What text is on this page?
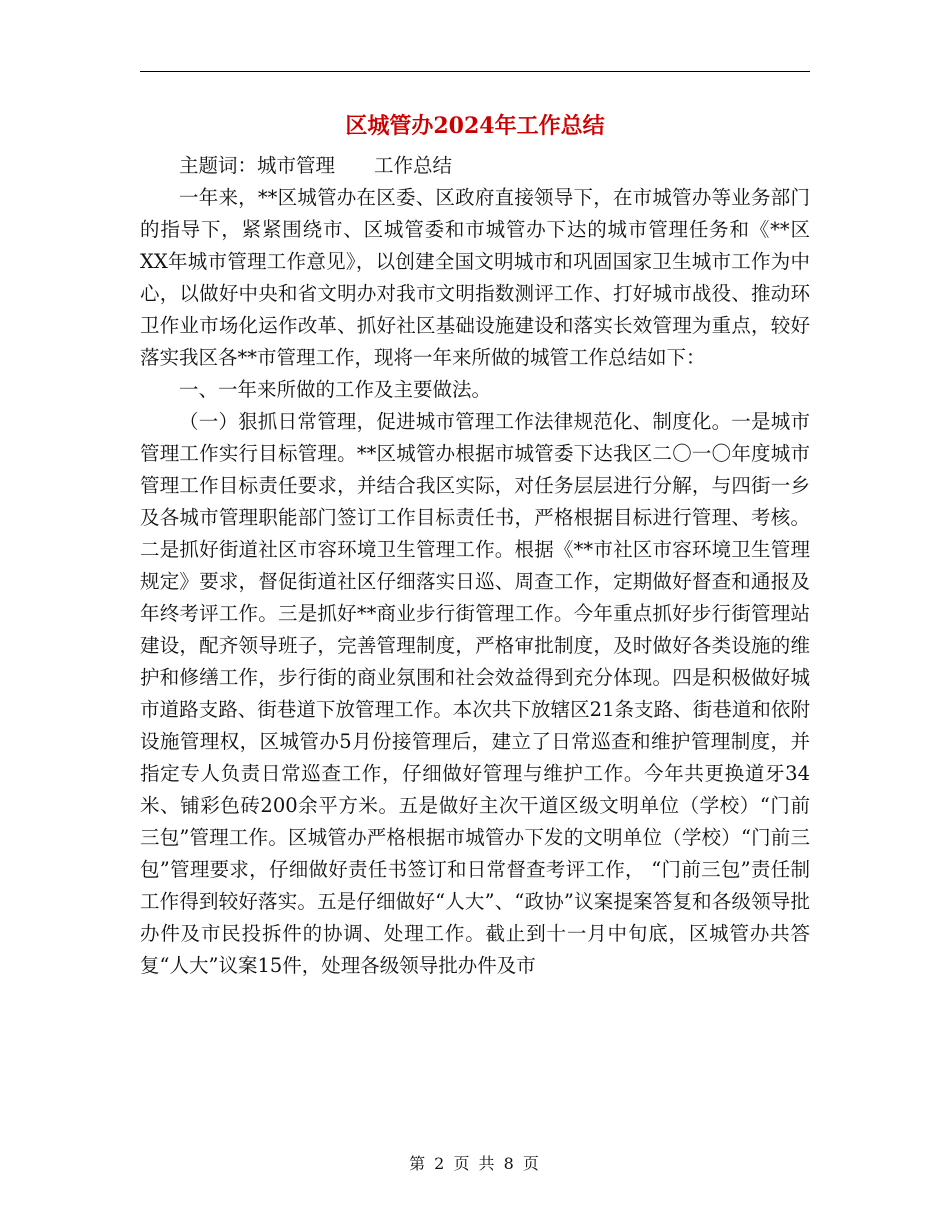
区城管办2024年工作总结

主题词：城市管理　　工作总结

一年来，**区城管办在区委、区政府直接领导下，在市城管办等业务部门的指导下，紧紧围绕市、区城管委和市城管办下达的城市管理任务和《**区XX年城市管理工作意见》，以创建全国文明城市和巩固国家卫生城市工作为中心，以做好中央和省文明办对我市文明指数测评工作、打好城市战役、推动环卫作业市场化运作改革、抓好社区基础设施建设和落实长效管理为重点，较好落实我区各**市管理工作，现将一年来所做的城管工作总结如下：

一、一年来所做的工作及主要做法。

（一）狠抓日常管理，促进城市管理工作法律规范化、制度化。一是城市管理工作实行目标管理。**区城管办根据市城管委下达我区二〇一〇年度城市管理工作目标责任要求，并结合我区实际，对任务层层进行分解，与四街一乡及各城市管理职能部门签订工作目标责任书，严格根据目标进行管理、考核。二是抓好街道社区市容环境卫生管理工作。根据《**市社区市容环境卫生管理规定》要求，督促街道社区仔细落实日巡、周查工作，定期做好督查和通报及年终考评工作。三是抓好**商业步行街管理工作。今年重点抓好步行街管理站建设，配齐领导班子，完善管理制度，严格审批制度，及时做好各类设施的维护和修缮工作，步行街的商业氛围和社会效益得到充分体现。四是积极做好城市道路支路、街巷道下放管理工作。本次共下放辖区21条支路、街巷道和依附设施管理权，区城管办5月份接管理后，建立了日常巡查和维护管理制度，并指定专人负责日常巡查工作，仔细做好管理与维护工作。今年共更换道牙34米、铺彩色砖200余平方米。五是做好主次干道区级文明单位（学校）“门前三包”管理工作。区城管办严格根据市城管办下发的文明单位（学校）“门前三包”管理要求，仔细做好责任书签订和日常督查考评工作， “门前三包”责任制工作得到较好落实。五是仔细做好“人大”、“政协”议案提案答复和各级领导批办件及市民投拆件的协调、处理工作。截止到十一月中旬底，区城管办共答复“人大”议案15件，处理各级领导批办件及市

第 2 页 共 8 页
